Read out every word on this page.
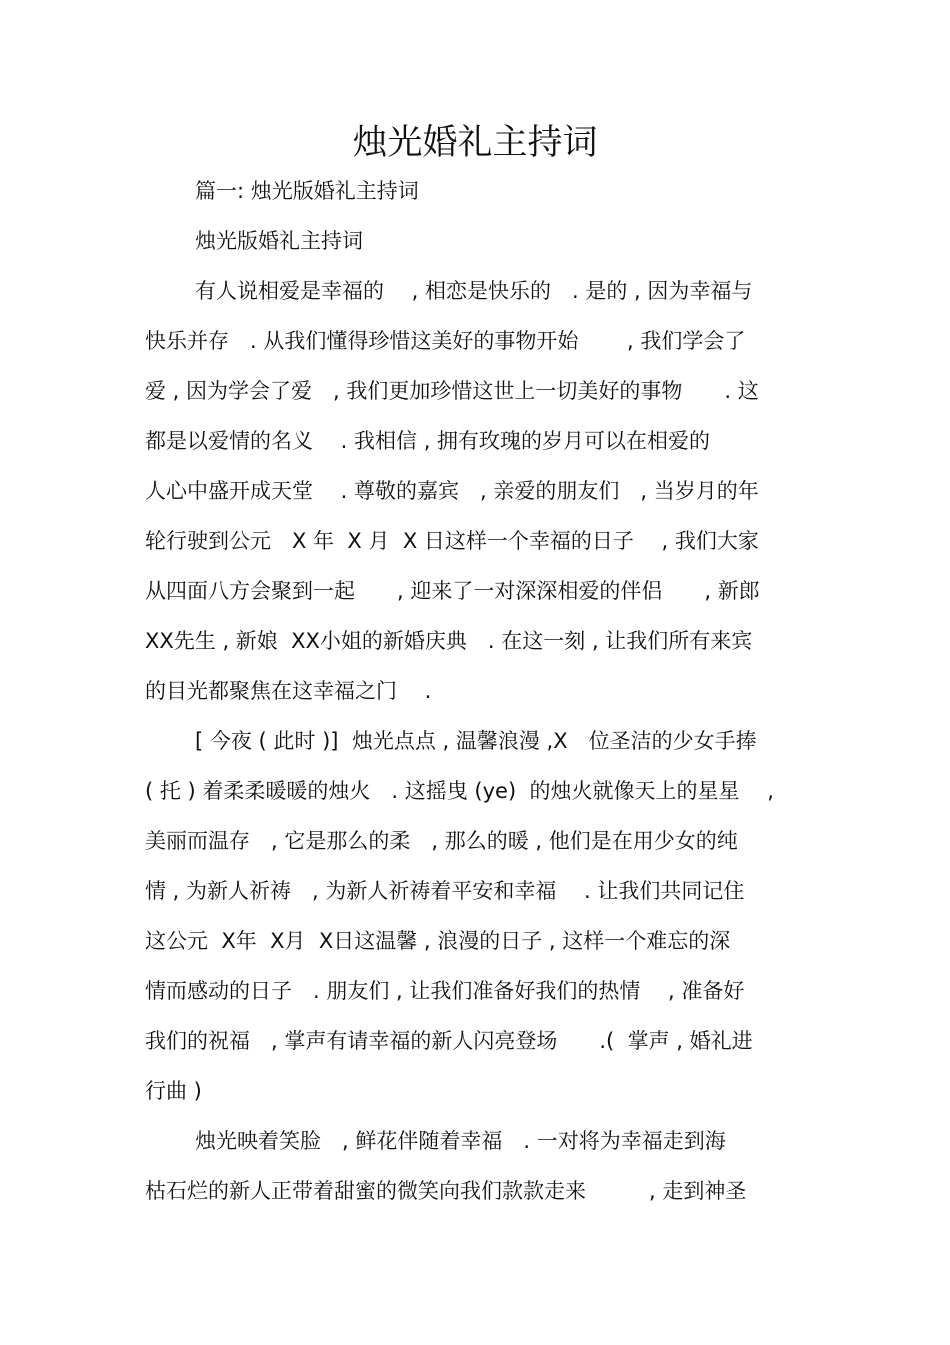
烛光婚礼主持词
篇一: 烛光版婚礼主持词
烛光版婚礼主持词
有人说相爱是幸福的　 , 相恋是快乐的　. 是的 , 因为幸福与
快乐并存　. 从我们懂得珍惜这美好的事物开始　　 , 我们学会了
爱 , 因为学会了爱　, 我们更加珍惜这世上一切美好的事物　　. 这
都是以爱情的名义　 . 我相信 , 拥有玫瑰的岁月可以在相爱的
人心中盛开成天堂　 . 尊敬的嘉宾　, 亲爱的朋友们　, 当岁月的年
轮行驶到公元　X 年  X 月  X 日这样一个幸福的日子　 , 我们大家
从四面八方会聚到一起　　, 迎来了一对深深相爱的伴侣　　, 新郎
XX先生 , 新娘  XX小姐的新婚庆典　. 在这一刻 , 让我们所有来宾
的目光都聚焦在这幸福之门　 .
[ 今夜 ( 此时 )]  烛光点点 , 温馨浪漫 ,X　位圣洁的少女手捧
( 托 ) 着柔柔暖暖的烛火　. 这摇曳 (ye)  的烛火就像天上的星星　 ,
美丽而温存　, 它是那么的柔　, 那么的暖 , 他们是在用少女的纯
情 , 为新人祈祷　, 为新人祈祷着平安和幸福　 . 让我们共同记住
这公元  X年  X月  X日这温馨 , 浪漫的日子 , 这样一个难忘的深
情而感动的日子　. 朋友们 , 让我们准备好我们的热情　 , 准备好
我们的祝福　, 掌声有请幸福的新人闪亮登场　　.(  掌声 , 婚礼进
行曲 )
烛光映着笑脸　, 鲜花伴随着幸福　. 一对将为幸福走到海
枯石烂的新人正带着甜蜜的微笑向我们款款走来　　　, 走到神圣
